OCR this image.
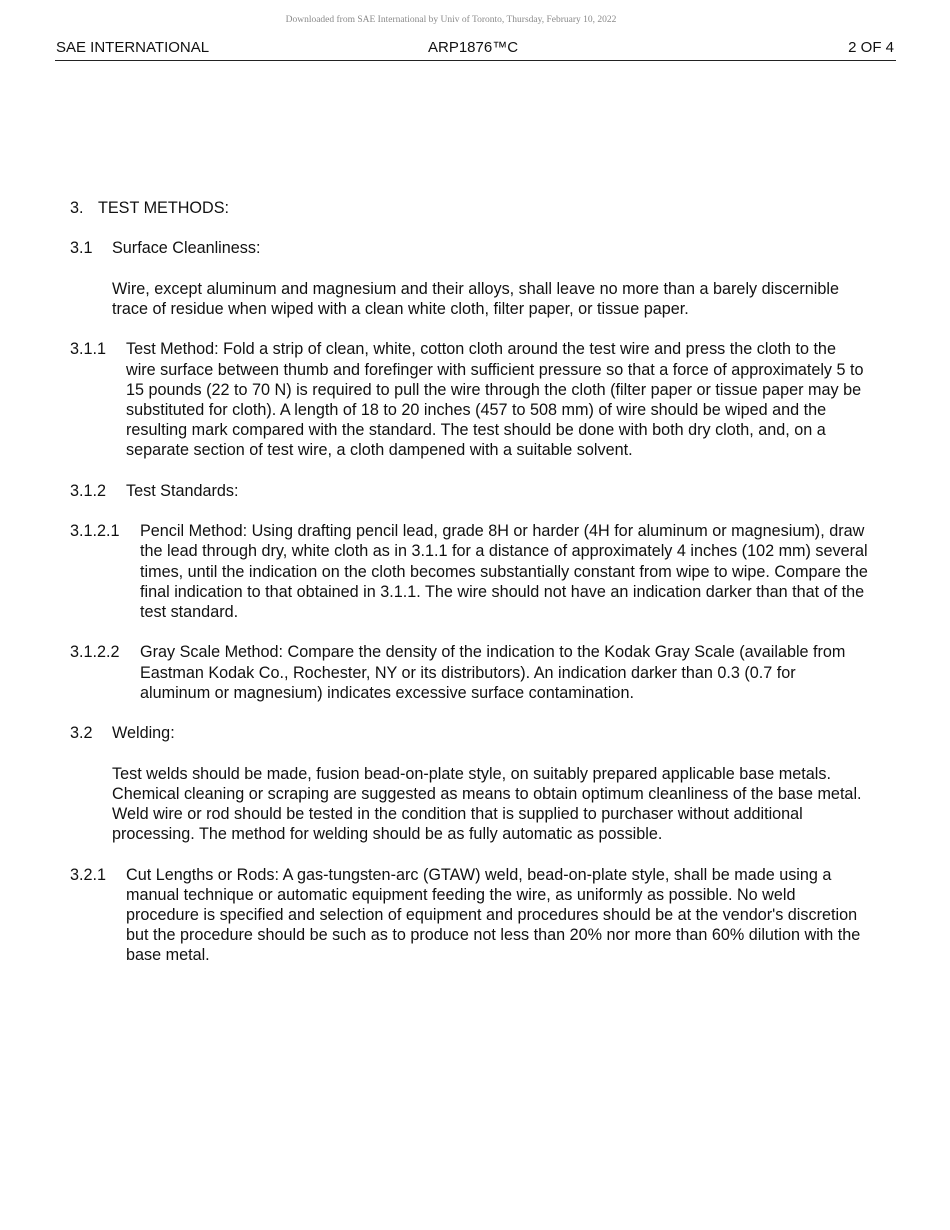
Downloaded from SAE International by Univ of Toronto, Thursday, February 10, 2022
SAE INTERNATIONAL	ARP1876™C	2 OF 4
3. TEST METHODS:
3.1	Surface Cleanliness:
Wire, except aluminum and magnesium and their alloys, shall leave no more than a barely discernible trace of residue when wiped with a clean white cloth, filter paper, or tissue paper.
3.1.1	Test Method: Fold a strip of clean, white, cotton cloth around the test wire and press the cloth to the wire surface between thumb and forefinger with sufficient pressure so that a force of approximately 5 to 15 pounds (22 to 70 N) is required to pull the wire through the cloth (filter paper or tissue paper may be substituted for cloth). A length of 18 to 20 inches (457 to 508 mm) of wire should be wiped and the resulting mark compared with the standard. The test should be done with both dry cloth, and, on a separate section of test wire, a cloth dampened with a suitable solvent.
3.1.2	Test Standards:
3.1.2.1	Pencil Method: Using drafting pencil lead, grade 8H or harder (4H for aluminum or magnesium), draw the lead through dry, white cloth as in 3.1.1 for a distance of approximately 4 inches (102 mm) several times, until the indication on the cloth becomes substantially constant from wipe to wipe. Compare the final indication to that obtained in 3.1.1. The wire should not have an indication darker than that of the test standard.
3.1.2.2	Gray Scale Method: Compare the density of the indication to the Kodak Gray Scale (available from Eastman Kodak Co., Rochester, NY or its distributors). An indication darker than 0.3 (0.7 for aluminum or magnesium) indicates excessive surface contamination.
3.2	Welding:
Test welds should be made, fusion bead-on-plate style, on suitably prepared applicable base metals. Chemical cleaning or scraping are suggested as means to obtain optimum cleanliness of the base metal. Weld wire or rod should be tested in the condition that is supplied to purchaser without additional processing. The method for welding should be as fully automatic as possible.
3.2.1	Cut Lengths or Rods: A gas-tungsten-arc (GTAW) weld, bead-on-plate style, shall be made using a manual technique or automatic equipment feeding the wire, as uniformly as possible. No weld procedure is specified and selection of equipment and procedures should be at the vendor's discretion but the procedure should be such as to produce not less than 20% nor more than 60% dilution with the base metal.
